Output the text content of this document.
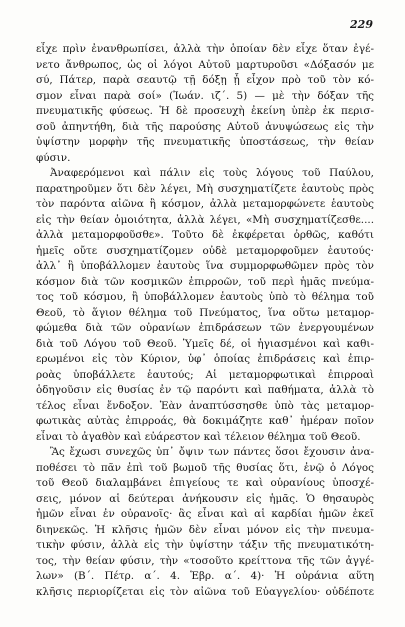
229
εἶχε πρὶν ἐνανθρωπίσει, ἀλλὰ τὴν ὁποίαν δὲν εἶχε ὅταν ἐγέ-
νετο ἄνθρωπος, ὡς οἱ λόγοι Αὐτοῦ μαρτυροῦσι «Δόξασόν με
σύ, Πάτερ, παρὰ σεαυτῷ τῇ δόξῃ ᾗ εἶχον πρὸ τοῦ τὸν κό-
σμον εἶναι παρὰ σοί» (Ἰωάν. ιζ΄. 5) — μὲ τὴν δόξαν τῆς
πνευματικῆς φύσεως. Ἡ δὲ προσευχὴ ἐκείνη ὑπὲρ ἐκ περισ-
σοῦ ἀπηντήθη, διὰ τῆς παρούσης Αὐτοῦ ἀνυψώσεως εἰς τὴν
ὑψίστην μορφὴν τῆς πνευματικῆς ὑποστάσεως, τὴν θείαν
φύσιν.
Ἀναφερόμενοι καὶ πάλιν εἰς τοὺς λόγους τοῦ Παύλου,
παρατηροῦμεν ὅτι δὲν λέγει, Μὴ συσχηματίζετε ἑαυτοὺς πρὸς
τὸν παρόντα αἰῶνα ἢ κόσμον, ἀλλὰ μεταμορφώνετε ἑαυτοὺς
εἰς τὴν θείαν ὁμοιότητα, ἀλλὰ λέγει, «Μὴ συσχηματίζεσθε....
ἀλλὰ μεταμορφοῦσθε». Τοῦτο δὲ ἐκφέρεται ὀρθῶς, καθότι
ἡμεῖς οὔτε συσχηματίζομεν οὐδὲ μεταμορφοῦμεν ἑαυτούς·
ἀλλ᾽ ἢ ὑποβάλλομεν ἑαυτοὺς ἵνα συμμορφωθῶμεν πρὸς τὸν
κόσμον διὰ τῶν κοσμικῶν ἐπιρροῶν, τοῦ περὶ ἡμᾶς πνεύμα-
τος τοῦ κόσμου, ἢ ὑποβάλλομεν ἑαυτοὺς ὑπὸ τὸ θέλημα τοῦ
Θεοῦ, τὸ ἅγιον θέλημα τοῦ Πνεύματος, ἵνα οὕτω μεταμορ-
φώμεθα διὰ τῶν οὐρανίων ἐπιδράσεων τῶν ἐνεργουμένων
διὰ τοῦ Λόγου τοῦ Θεοῦ. Ὑμεῖς δέ, οἱ ἡγιασμένοι καὶ καθι-
ερωμένοι εἰς τὸν Κύριον, ὑφ᾽ ὁποίας ἐπιδράσεις καὶ ἐπιρ-
ροὰς ὑποβάλλετε ἑαυτούς; Αἱ μεταμορφωτικαὶ ἐπιρροαὶ
ὁδηγοῦσιν εἰς θυσίας ἐν τῷ παρόντι καὶ παθήματα, ἀλλὰ τὸ
τέλος εἶναι ἔνδοξον. Ἐὰν ἀναπτύσσησθε ὑπὸ τὰς μεταμορ-
φωτικὰς αὐτὰς ἐπιρροάς, θὰ δοκιμάζητε καθ᾽ ἡμέραν ποῖον
εἶναι τὸ ἀγαθὸν καὶ εὐάρεστον καὶ τέλειον θέλημα τοῦ Θεοῦ.
Ἂς ἔχωσι συνεχῶς ὑπ᾽ ὄψιν των πάντες ὅσοι ἔχουσιν ἀνα-
ποθέσει τὸ πᾶν ἐπὶ τοῦ βωμοῦ τῆς θυσίας ὅτι, ἐνῷ ὁ Λόγος
τοῦ Θεοῦ διαλαμβάνει ἐπιγείους τε καὶ οὐρανίους ὑποσχέ-
σεις, μόνον αἱ δεύτεραι ἀνήκουσιν εἰς ἡμᾶς. Ὁ θησαυρὸς
ἡμῶν εἶναι ἐν οὐρανοῖς· ἂς εἶναι καὶ αἱ καρδίαι ἡμῶν ἐκεῖ
διηνεκῶς. Ἡ κλῆσις ἡμῶν δὲν εἶναι μόνον εἰς τὴν πνευμα-
τικὴν φύσιν, ἀλλὰ εἰς τὴν ὑψίστην τάξιν τῆς πνευματικότη-
τος, τὴν θείαν φύσιν, τὴν «τοσοῦτο κρείττονα τῆς τῶν ἀγγέ-
λων» (Β΄. Πέτρ. α΄. 4. Ἑβρ. α΄. 4)· Ἡ οὐράνια αὕτη
κλῆσις περιορίζεται εἰς τὸν αἰῶνα τοῦ Εὐαγγελίου· οὐδέποτε
